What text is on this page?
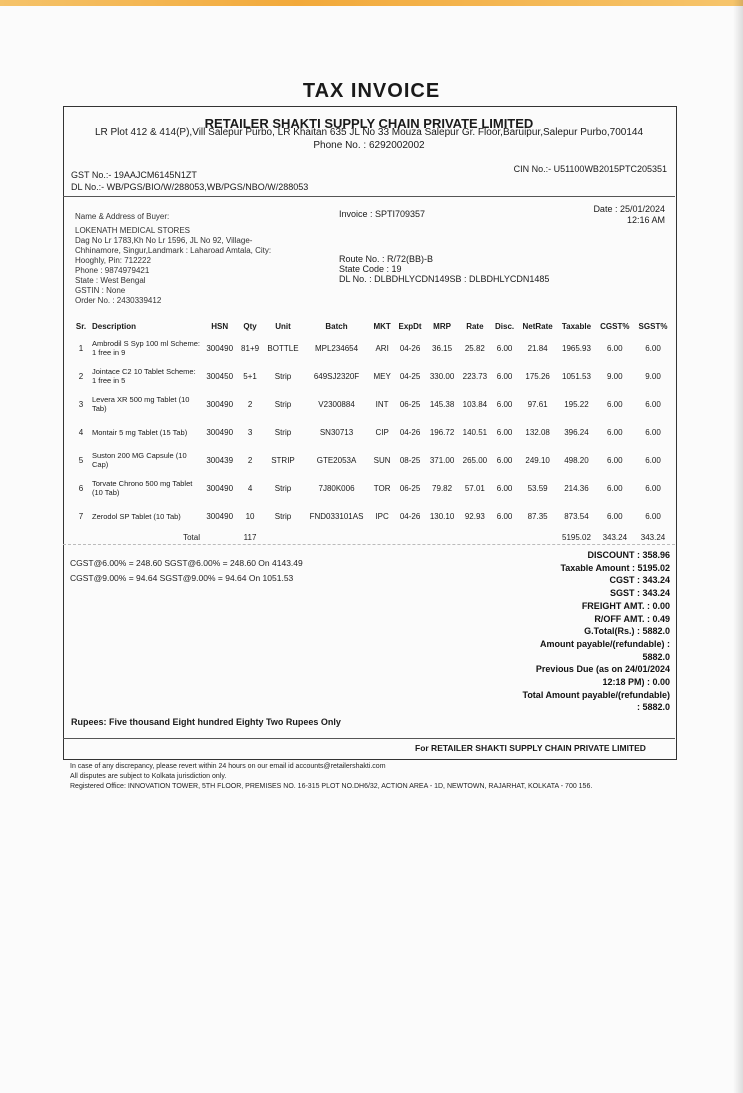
TAX INVOICE
RETAILER SHAKTI SUPPLY CHAIN PRIVATE LIMITED
LR Plot 412 & 414(P),Vill Salepur Purbo, LR Khaitan 635 JL No 33 Mouza Salepur Gr. Floor,Baruipur,Salepur Purbo,700144
Phone No. : 6292002002
GST No.:- 19AAJCM6145N1ZT
DL No.:- WB/PGS/BIO/W/288053,WB/PGS/NBO/W/288053
CIN No.:- U51100WB2015PTC205351
Name & Address of Buyer:
LOKENATH MEDICAL STORES
Dag No Lr 1783,Kh No Lr 1596, JL No 92, Village-
Chhinamore, Singur,Landmark : Laharoad Amtala, City:
Hooghly, Pin: 712222
Phone : 9874979421
State : West Bengal
GSTIN : None
Order No. : 2430339412
Invoice : SPTI709357	Date : 25/01/2024
12:16 AM
Route No. : R/72(BB)-B
State Code : 19
DL No. : DLBDHLYCDN149SB : DLBDHLYCDN1485
Sr.	Description	HSN	Qty	Unit	Batch	MKT	ExpDt	MRP	Rate	Disc.	NetRate	Taxable	CGST%	SGST%
1	Ambrodil S Syp 100 ml Scheme: 1 free in 9	300490	81+9	BOTTLE	MPL234654	ARI	04-26	36.15	25.82	6.00	21.84	1965.93	6.00	6.00
2	Jointace C2 10 Tablet Scheme: 1 free in 5	300450	5+1	Strip	649SJ2320F	MEY	04-25	330.00	223.73	6.00	175.26	1051.53	9.00	9.00
3	Levera XR 500 mg Tablet (10 Tab)	300490	2	Strip	V2300884	INT	06-25	145.38	103.84	6.00	97.61	195.22	6.00	6.00
4	Montair 5 mg Tablet (15 Tab)	300490	3	Strip	SN30713	CIP	04-26	196.72	140.51	6.00	132.08	396.24	6.00	6.00
5	Suston 200 MG Capsule (10 Cap)	300439	2	STRIP	GTE2053A	SUN	08-25	371.00	265.00	6.00	249.10	498.20	6.00	6.00
6	Torvate Chrono 500 mg Tablet (10 Tab)	300490	4	Strip	7J80K006	TOR	06-25	79.82	57.01	6.00	53.59	214.36	6.00	6.00
7	Zerodol SP Tablet (10 Tab)	300490	10	Strip	FND033101AS	IPC	04-26	130.10	92.93	6.00	87.35	873.54	6.00	6.00
	Total		117									5195.02	343.24	343.24
CGST@6.00% = 248.60 SGST@6.00% = 248.60 On 4143.49
CGST@9.00% = 94.64 SGST@9.00% = 94.64 On 1051.53
DISCOUNT : 358.96
Taxable Amount : 5195.02
CGST : 343.24
SGST : 343.24
FREIGHT AMT. : 0.00
R/OFF AMT. : 0.49
G.Total(Rs.) : 5882.0
Amount payable/(refundable) :
5882.0
Previous Due (as on 24/01/2024
12:18 PM) : 0.00
Total Amount payable/(refundable)
: 5882.0
Rupees: Five thousand Eight hundred Eighty Two Rupees Only
For RETAILER SHAKTI SUPPLY CHAIN PRIVATE LIMITED
In case of any discrepancy, please revert within 24 hours on our email id accounts@retailershakti.com
All disputes are subject to Kolkata jurisdiction only.
Registered Office: INNOVATION TOWER, 5TH FLOOR, PREMISES NO. 16-315 PLOT NO.DH6/32, ACTION AREA - 1D, NEWTOWN, RAJARHAT, KOLKATA - 700 156.
